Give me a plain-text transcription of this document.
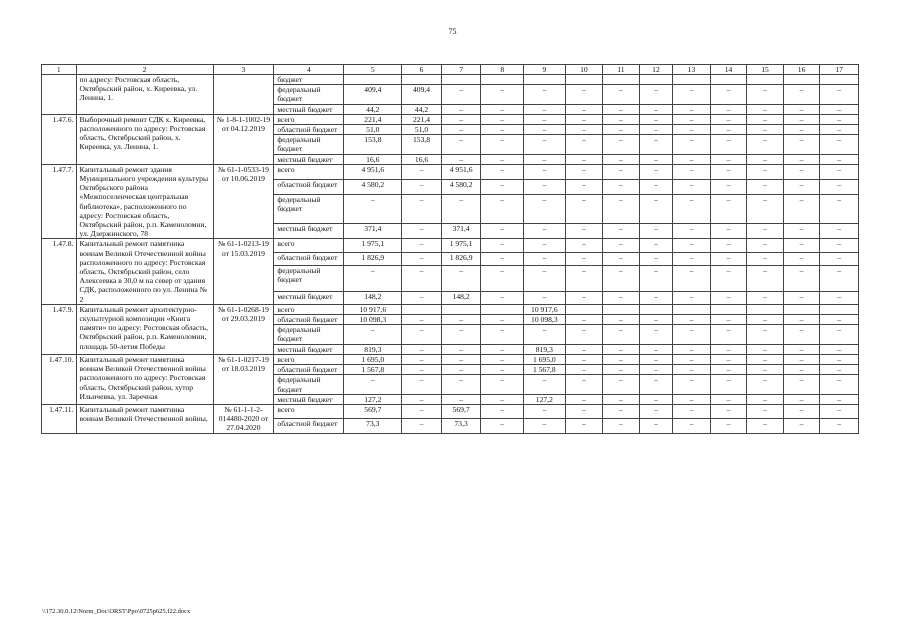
75
1	2	3	4	5	6	7	8	9	10	11	12	13	14	15	16	17
	по адресу: Ростовская область, Октябрьский район, х. Киреевка, ул. Ленина, 1.		бюджет													
			федеральный бюджет	409,4	409,4	–	–	–	–	–	–	–	–	–	–	–
			местный бюджет	44,2	44,2	–	–	–	–	–	–	–	–	–	–	–
1.47.6.	Выборочный ремонт СДК х. Киреевка, расположенного по адресу: Ростовская область, Октябрьский район, х. Киреевка, ул. Ленина, 1.	№ 1-8-1-1002-19 от 04.12.2019	всего	221,4	221,4	–	–	–	–	–	–	–	–	–	–	–
			областной бюджет	51,0	51,0	–	–	–	–	–	–	–	–	–	–	–
			федеральный бюджет	153,8	153,8	–	–	–	–	–	–	–	–	–	–	–
			местный бюджет	16,6	16,6	–	–	–	–	–	–	–	–	–	–	–
1.47.7.	Капитальный ремонт здания Муниципального учреждения культуры Октябрьского района «Межпоселенческая центральная библиотека», расположенного по адресу: Ростовская область, Октябрьский район, р.п. Каменоломни, ул. Дзержинского, 78	№ 61-1-0533-19 от 10.06.2019	всего	4 951,6	–	4 951,6	–	–	–	–	–	–	–	–	–	–
			областной бюджет	4 580,2	–	4 580,2	–	–	–	–	–	–	–	–	–	–
			федеральный бюджет	–	–	–	–	–	–	–	–	–	–	–	–	–
			местный бюджет	371,4	–	371,4	–	–	–	–	–	–	–	–	–	–
1.47.8.	Капитальный ремонт памятника воинам Великой Отечественной войны расположенного по адресу: Ростовская область, Октябрьский район, село Алексеевка в 30,0 м на север от здания СДК, расположенного по ул. Ленина № 2	№ 61-1-0213-19 от 15.03.2019	всего	1 975,1	–	1 975,1	–	–	–	–	–	–	–	–	–	–
			областной бюджет	1 826,9	–	1 826,9	–	–	–	–	–	–	–	–	–	–
			федеральный бюджет	–	–	–	–	–	–	–	–	–	–	–	–	–
			местный бюджет	148,2	–	148,2	–	–	–	–	–	–	–	–	–	–
1.47.9.	Капитальный ремонт архитектурно-скульптурной композиции «Книга памяти» по адресу: Ростовская область, Октябрьский район, р.п. Каменоломни, площадь 50-летия Победы	№ 61-1-0268-19 от 29.03.2019	всего	10 917,6				10 917,6								
			областной бюджет	10 098,3	–	–	–	10 098,3	–	–	–	–	–	–	–	–
			федеральный бюджет	–	–	–	–	–	–	–	–	–	–	–	–	–
			местный бюджет	819,3	–	–	–	819,3	–	–	–	–	–	–	–	–
1.47.10.	Капитальный ремонт памятника воинам Великой Отечественной войны расположенного по адресу: Ростовская область, Октябрьский район, хутор Ильичевка, ул. Заречная	№ 61-1-0217-19 от 18.03.2019	всего	1 695,0	–	–	–	1 695,0	–	–	–	–	–	–	–	–
			областной бюджет	1 567,8	–	–	–	1 567,8	–	–	–	–	–	–	–	–
			федеральный бюджет	–	–	–	–	–	–	–	–	–	–	–	–	–
			местный бюджет	127,2	–	–	–	127,2	–	–	–	–	–	–	–	–
1.47.11.	Капитальный ремонт памятника воинам Великой Отечественной войны,	№ 61-1-1-2-014480-2020 от 27.04.2020	всего	569,7	–	569,7	–	–	–	–	–	–	–	–	–	–
			областной бюджет	73,3	–	73,3	–	–	–	–	–	–	–	–	–	–
\\172.30.0.12\Norm_Doc\ORST\Ppo\0725p625.f22.docx
